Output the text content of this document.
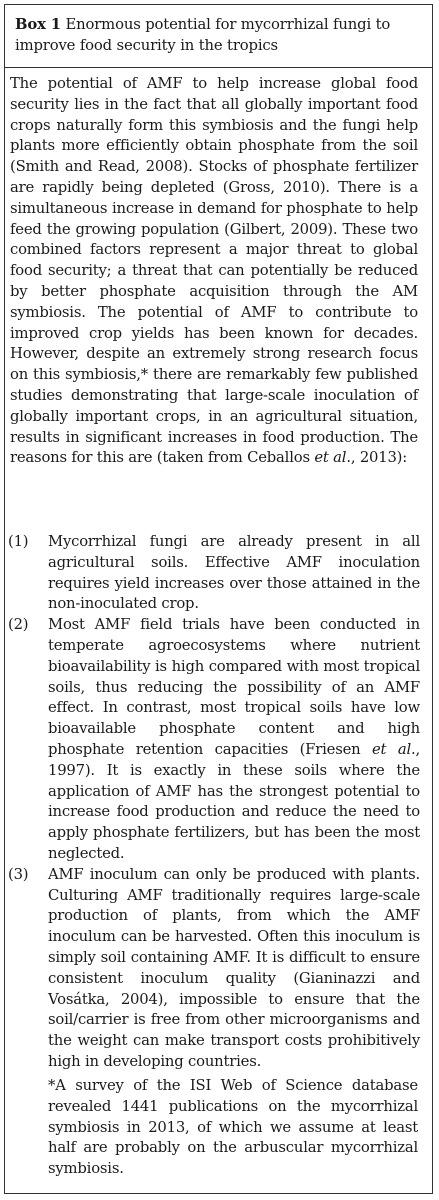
Box 1 Enormous potential for mycorrhizal fungi to improve food security in the tropics

The potential of AMF to help increase global food security lies in the fact that all globally important food crops naturally form this symbiosis and the fungi help plants more efficiently obtain phosphate from the soil (Smith and Read, 2008). Stocks of phosphate fertilizer are rapidly being depleted (Gross, 2010). There is a simultaneous increase in demand for phosphate to help feed the growing population (Gilbert, 2009). These two combined factors represent a major threat to global food security; a threat that can potentially be reduced by better phosphate acquisition through the AM symbiosis. The potential of AMF to contribute to improved crop yields has been known for decades. However, despite an extremely strong research focus on this symbiosis,* there are remarkably few published studies demonstrating that large-scale inoculation of globally important crops, in an agricultural situation, results in significant increases in food production. The reasons for this are (taken from Ceballos et al., 2013):

(1) Mycorrhizal fungi are already present in all agricultural soils. Effective AMF inoculation requires yield increases over those attained in the non-inoculated crop.
(2) Most AMF field trials have been conducted in temperate agroecosystems where nutrient bioavailability is high compared with most tropical soils, thus reducing the possibility of an AMF effect. In contrast, most tropical soils have low bioavailable phosphate content and high phosphate retention capacities (Friesen et al., 1997). It is exactly in these soils where the application of AMF has the strongest potential to increase food production and reduce the need to apply phosphate fertilizers, but has been the most neglected.
(3) AMF inoculum can only be produced with plants. Culturing AMF traditionally requires large-scale production of plants, from which the AMF inoculum can be harvested. Often this inoculum is simply soil containing AMF. It is difficult to ensure consistent inoculum quality (Gianinazzi and Vosátka, 2004), impossible to ensure that the soil/carrier is free from other microorganisms and the weight can make transport costs prohibitively high in developing countries.

*A survey of the ISI Web of Science database revealed 1441 publications on the mycorrhizal symbiosis in 2013, of which we assume at least half are probably on the arbuscular mycorrhizal symbiosis.
